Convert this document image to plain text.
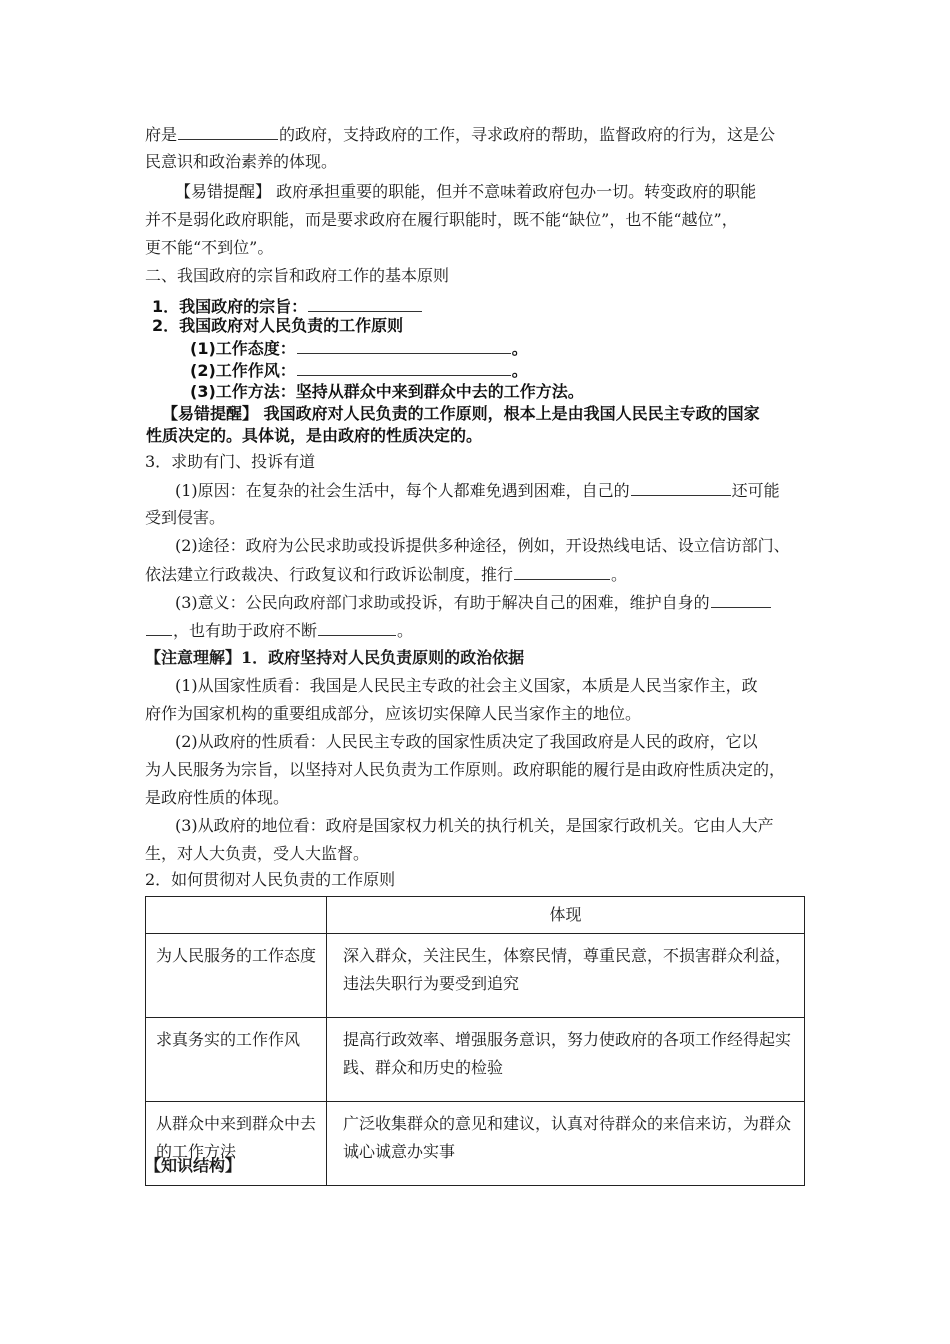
府是	的政府，支持政府的工作，寻求政府的帮助，监督政府的行为，这是公
民意识和政治素养的体现。
【易错提醒】 政府承担重要的职能，但并不意味着政府包办一切。转变政府的职能
并不是弱化政府职能，而是要求政府在履行职能时，既不能“缺位”，也不能“越位”，
更不能“不到位”。
二、我国政府的宗旨和政府工作的基本原则
1．我国政府的宗旨：
2．我国政府对人民负责的工作原则
(1)工作态度：	。
(2)工作作风：	。
(3)工作方法：坚持从群众中来到群众中去的工作方法。
【易错提醒】 我国政府对人民负责的工作原则，根本上是由我国人民民主专政的国家
性质决定的。具体说，是由政府的性质决定的。
3．求助有门、投诉有道
(1)原因：在复杂的社会生活中，每个人都难免遇到困难，自己的	还可能
受到侵害。
(2)途径：政府为公民求助或投诉提供多种途径，例如，开设热线电话、设立信访部门、
依法建立行政裁决、行政复议和行政诉讼制度，推行	。
(3)意义：公民向政府部门求助或投诉，有助于解决自己的困难，维护自身的
，也有助于政府不断	。
【注意理解】1．政府坚持对人民负责原则的政治依据
(1)从国家性质看：我国是人民民主专政的社会主义国家，本质是人民当家作主，政
府作为国家机构的重要组成部分，应该切实保障人民当家作主的地位。
(2)从政府的性质看：人民民主专政的国家性质决定了我国政府是人民的政府，它以
为人民服务为宗旨，以坚持对人民负责为工作原则。政府职能的履行是由政府性质决定的，
是政府性质的体现。
(3)从政府的地位看：政府是国家权力机关的执行机关，是国家行政机关。它由人大产
生，对人大负责，受人大监督。
2．如何贯彻对人民负责的工作原则
	体现
为人民服务的工作态度	深入群众，关注民生，体察民情，尊重民意，不损害群众利益，违法失职行为要受到追究
求真务实的工作作风	提高行政效率、增强服务意识，努力使政府的各项工作经得起实践、群众和历史的检验
从群众中来到群众中去的工作方法	广泛收集群众的意见和建议，认真对待群众的来信来访，为群众诚心诚意办实事
【知识结构】
